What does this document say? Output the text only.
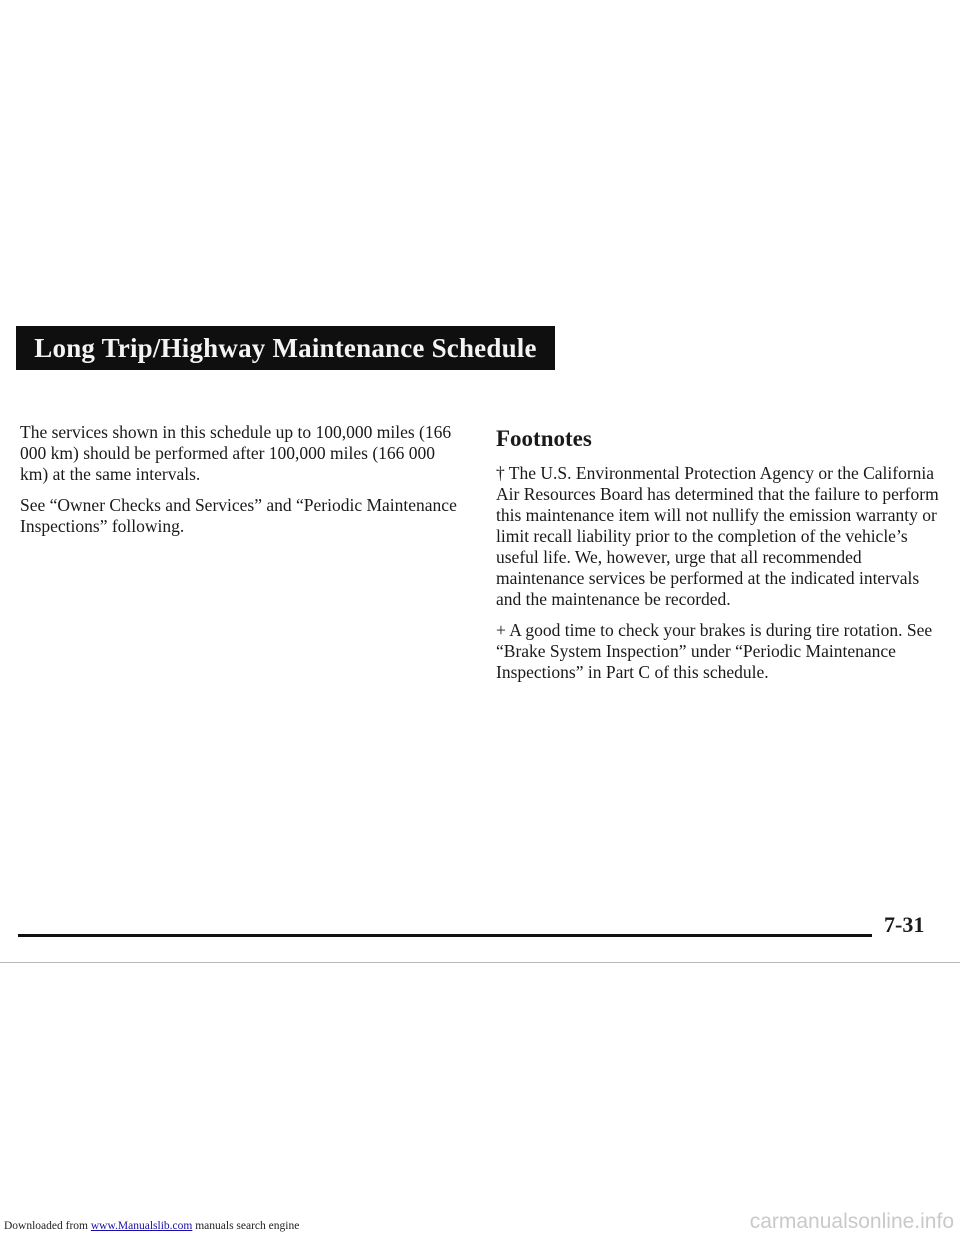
Long Trip/Highway Maintenance Schedule

The services shown in this schedule up to 100,000 miles (166 000 km) should be performed after 100,000 miles (166 000 km) at the same intervals.

See “Owner Checks and Services” and “Periodic Maintenance Inspections” following.

Footnotes

† The U.S. Environmental Protection Agency or the California Air Resources Board has determined that the failure to perform this maintenance item will not nullify the emission warranty or limit recall liability prior to the completion of the vehicle’s useful life. We, however, urge that all recommended maintenance services be performed at the indicated intervals and the maintenance be recorded.

+ A good time to check your brakes is during tire rotation. See “Brake System Inspection” under “Periodic Maintenance Inspections” in Part C of this schedule.

7-31
Downloaded from www.Manualslib.com manuals search engine	carmanualsonline.info
